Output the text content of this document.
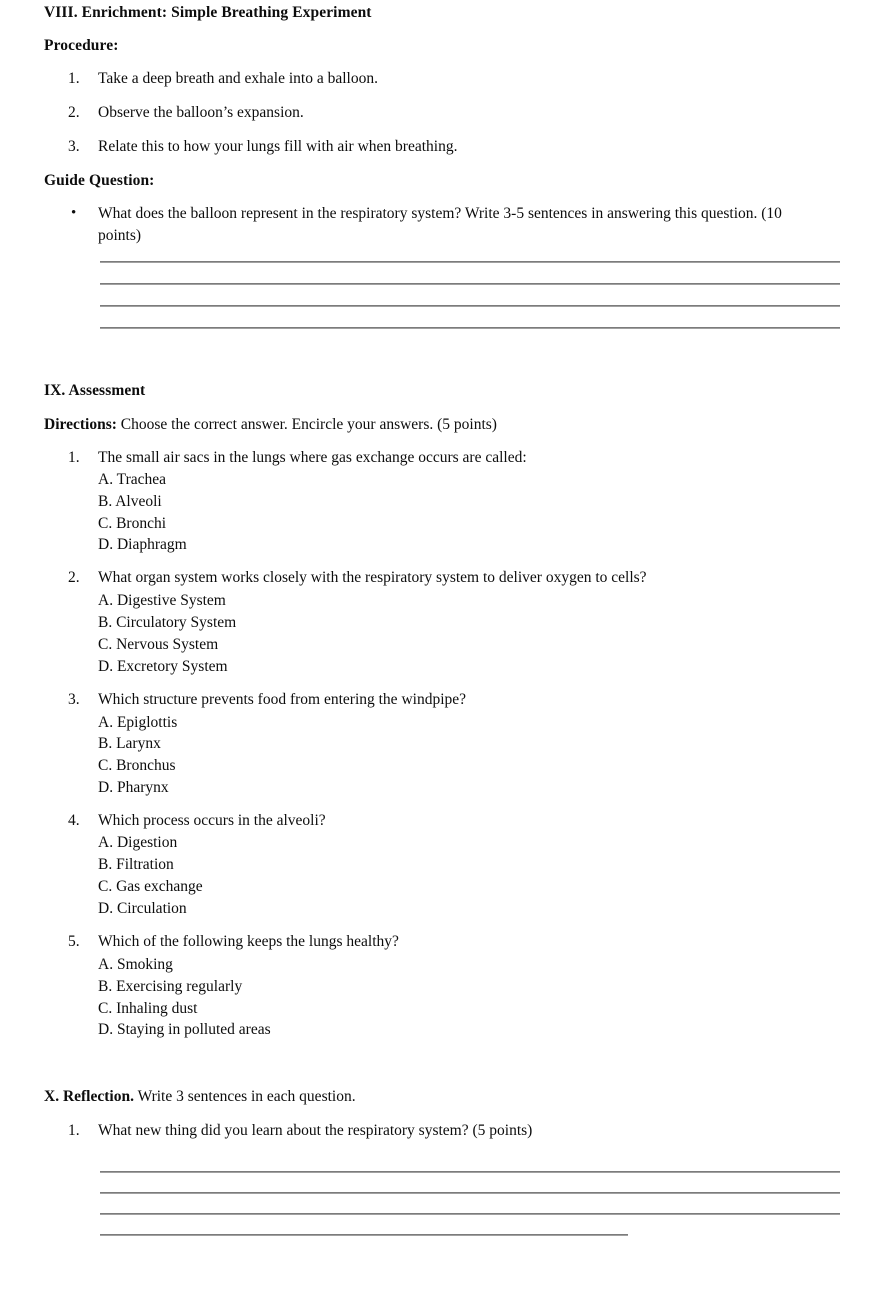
VIII. Enrichment: Simple Breathing Experiment
Procedure:
1.	Take a deep breath and exhale into a balloon.
2.	Observe the balloon’s expansion.
3.	Relate this to how your lungs fill with air when breathing.
Guide Question:
• What does the balloon represent in the respiratory system? Write 3-5 sentences in answering this question. (10 points)
IX. Assessment
Directions: Choose the correct answer. Encircle your answers. (5 points)
1.	The small air sacs in the lungs where gas exchange occurs are called:
A. Trachea
B. Alveoli
C. Bronchi
D. Diaphragm
2.	What organ system works closely with the respiratory system to deliver oxygen to cells?
A. Digestive System
B. Circulatory System
C. Nervous System
D. Excretory System
3.	Which structure prevents food from entering the windpipe?
A. Epiglottis
B. Larynx
C. Bronchus
D. Pharynx
4.	Which process occurs in the alveoli?
A. Digestion
B. Filtration
C. Gas exchange
D. Circulation
5.	Which of the following keeps the lungs healthy?
A. Smoking
B. Exercising regularly
C. Inhaling dust
D. Staying in polluted areas
X. Reflection. Write 3 sentences in each question.
1.	What new thing did you learn about the respiratory system? (5 points)
